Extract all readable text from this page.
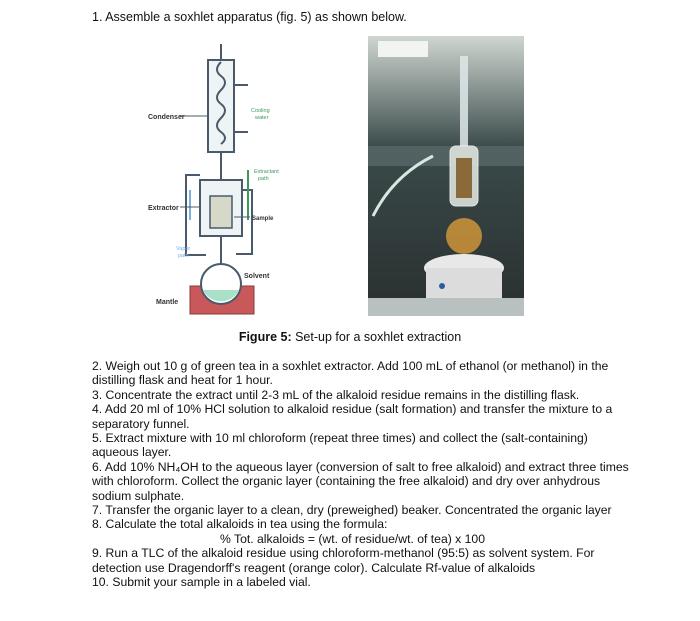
1. Assemble a soxhlet apparatus (fig. 5) as shown below.

Condenser
Cooling
water
Extractant
path
Extractor
Sample
Vapor
path
Solvent
Mantle
Figure 5: Set-up for a soxhlet extraction

2. Weigh out 10 g of green tea in a soxhlet extractor. Add 100 mL of ethanol (or methanol) in the distilling flask and heat for 1 hour.

3. Concentrate the extract until 2-3 mL of the alkaloid residue remains in the distilling flask.

4. Add 20 ml of 10% HCl solution to alkaloid residue (salt formation) and transfer the mixture to a separatory funnel.

5. Extract mixture with 10 ml chloroform (repeat three times) and collect the (salt-containing) aqueous layer.

6. Add 10% NH₄OH to the aqueous layer (conversion of salt to free alkaloid) and extract three times with chloroform. Collect the organic layer (containing the free alkaloid) and dry over anhydrous sodium sulphate.

7. Transfer the organic layer to a clean, dry (preweighed) beaker. Concentrated the organic layer

8. Calculate the total alkaloids in tea using the formula:

% Tot. alkaloids = (wt. of residue/wt. of tea) x 100

9. Run a TLC of the alkaloid residue using chloroform-methanol (95:5) as solvent system. For detection use Dragendorff's reagent (orange color). Calculate Rf-value of alkaloids

10. Submit your sample in a labeled vial.
